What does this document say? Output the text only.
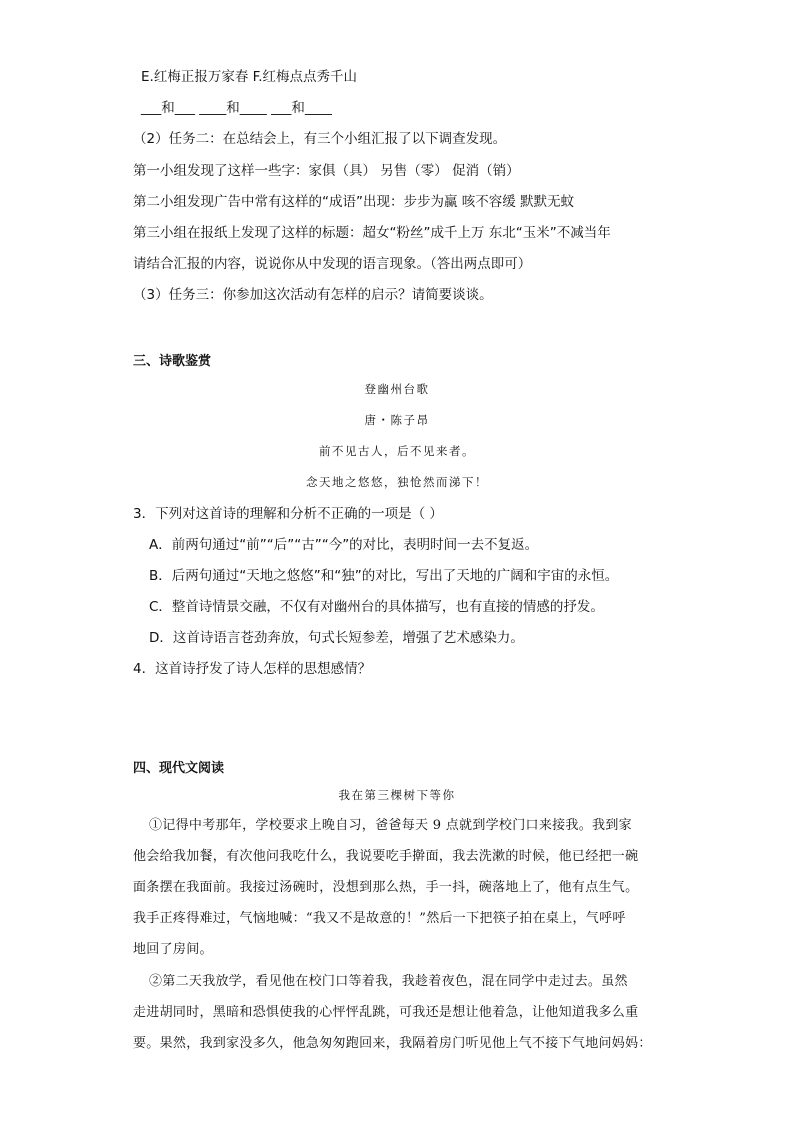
E.红梅正报万家春 F.红梅点点秀千山
___和___ ____和____ ___和____
（2）任务二：在总结会上，有三个小组汇报了以下调查发现。
第一小组发现了这样一些字：家俱（具） 另售（零） 促消（销）
第二小组发现广告中常有这样的“成语”出现：步步为赢 咳不容缓 默默无蚊
第三小组在报纸上发现了这样的标题：超女“粉丝”成千上万 东北“玉米”不减当年
请结合汇报的内容，说说你从中发现的语言现象。（答出两点即可）
（3）任务三：你参加这次活动有怎样的启示？请简要谈谈。
三、诗歌鉴赏
登幽州台歌
唐・陈子昂
前不见古人，后不见来者。
念天地之悠悠，独怆然而涕下！
3．下列对这首诗的理解和分析不正确的一项是（ ）
A．前两句通过“前”“后”“古”“今”的对比，表明时间一去不复返。
B．后两句通过“天地之悠悠”和“独”的对比，写出了天地的广阔和宇宙的永恒。
C．整首诗情景交融，不仅有对幽州台的具体描写，也有直接的情感的抒发。
D．这首诗语言苍劲奔放，句式长短参差，增强了艺术感染力。
4．这首诗抒发了诗人怎样的思想感情？
四、现代文阅读
我在第三棵树下等你
①记得中考那年，学校要求上晚自习，爸爸每天 9 点就到学校门口来接我。我到家
他会给我加餐，有次他问我吃什么，我说要吃手擀面，我去洗漱的时候，他已经把一碗
面条摆在我面前。我接过汤碗时，没想到那么热，手一抖，碗落地上了，他有点生气。
我手正疼得难过，气恼地喊：“我又不是故意的！”然后一下把筷子拍在桌上，气呼呼
地回了房间。
②第二天我放学，看见他在校门口等着我，我趁着夜色，混在同学中走过去。虽然
走进胡同时，黑暗和恐惧使我的心怦怦乱跳，可我还是想让他着急，让他知道我多么重
要。果然，我到家没多久，他急匆匆跑回来，我隔着房门听见他上气不接下气地问妈妈：
